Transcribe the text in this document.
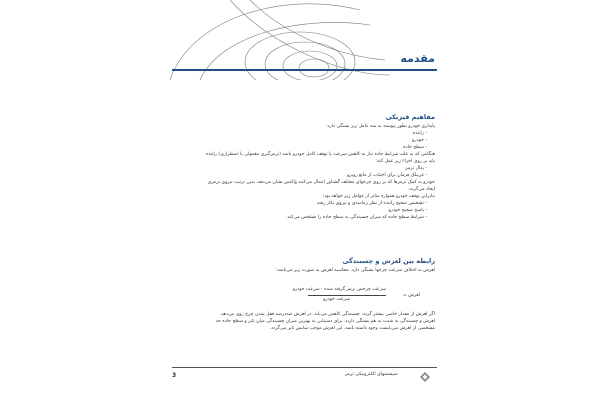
مقدمه
مفاهیم فیزیکی

پایداری خودرو بطور پیوسته به سه عامل زیر بستگی دارد:

- راننده

- خودرو

- سطح جاده

هنگامی که به علت شرایط جاده نیاز به کاهش سرعت یا توقف کامل خودرو باشد (ترمزگیری معمولی یا اضطراری) راننده

باید بر روی اجزاء زیر عمل کند:

- پدال ترمز

- غربیلک فرمان برای اجتناب از مانع روبرو

خودرو به کمک ترمزها که بر روی چرخهای مختلف گشتاور اعمال می‌کنند واکنش نشان می‌دهد، بدین ترتیب نیروی ترمزی

ایجاد می‌گردد.

بنابراین توقف خودرو همواره متاثر از عوامل زیر خواهد بود:

- تشخیص صحیح راننده از نظر زمانبندی و نیروی بکار رفته

- پاسخ صحیح خودرو

- شرایط سطح جاده که میزان چسبندگی به سطح جاده را مشخص می‌کند.

رابطه بین لغزش و چسبندگی

لغزش به اختلاف سرعت چرخها بستگی دارد. محاسبه لغزش به صورت زیر می‌باشد:

لغزش =
سرعت چرخش ترمز گرفته شده - سرعت خودرو
سرعت خودرو

اگر لغزش از مقدار خاصی بیشتر گردد، چسبندگی کاهش می‌یابد. در لغزش صددرصد قفل شدن چرخ روی می‌دهد.

لغزش و چسبندگی به شدت به هم بستگی دارند. برای دستیابی به بهترین میزان چسبندگی میان تایر و سطح جاده حد

مشخصی از لغزش می‌بایست وجود داشته باشد. این لغزش موجب سایش تایر می‌گردد.

3	سیستمهای الکترونیکی ترمز
